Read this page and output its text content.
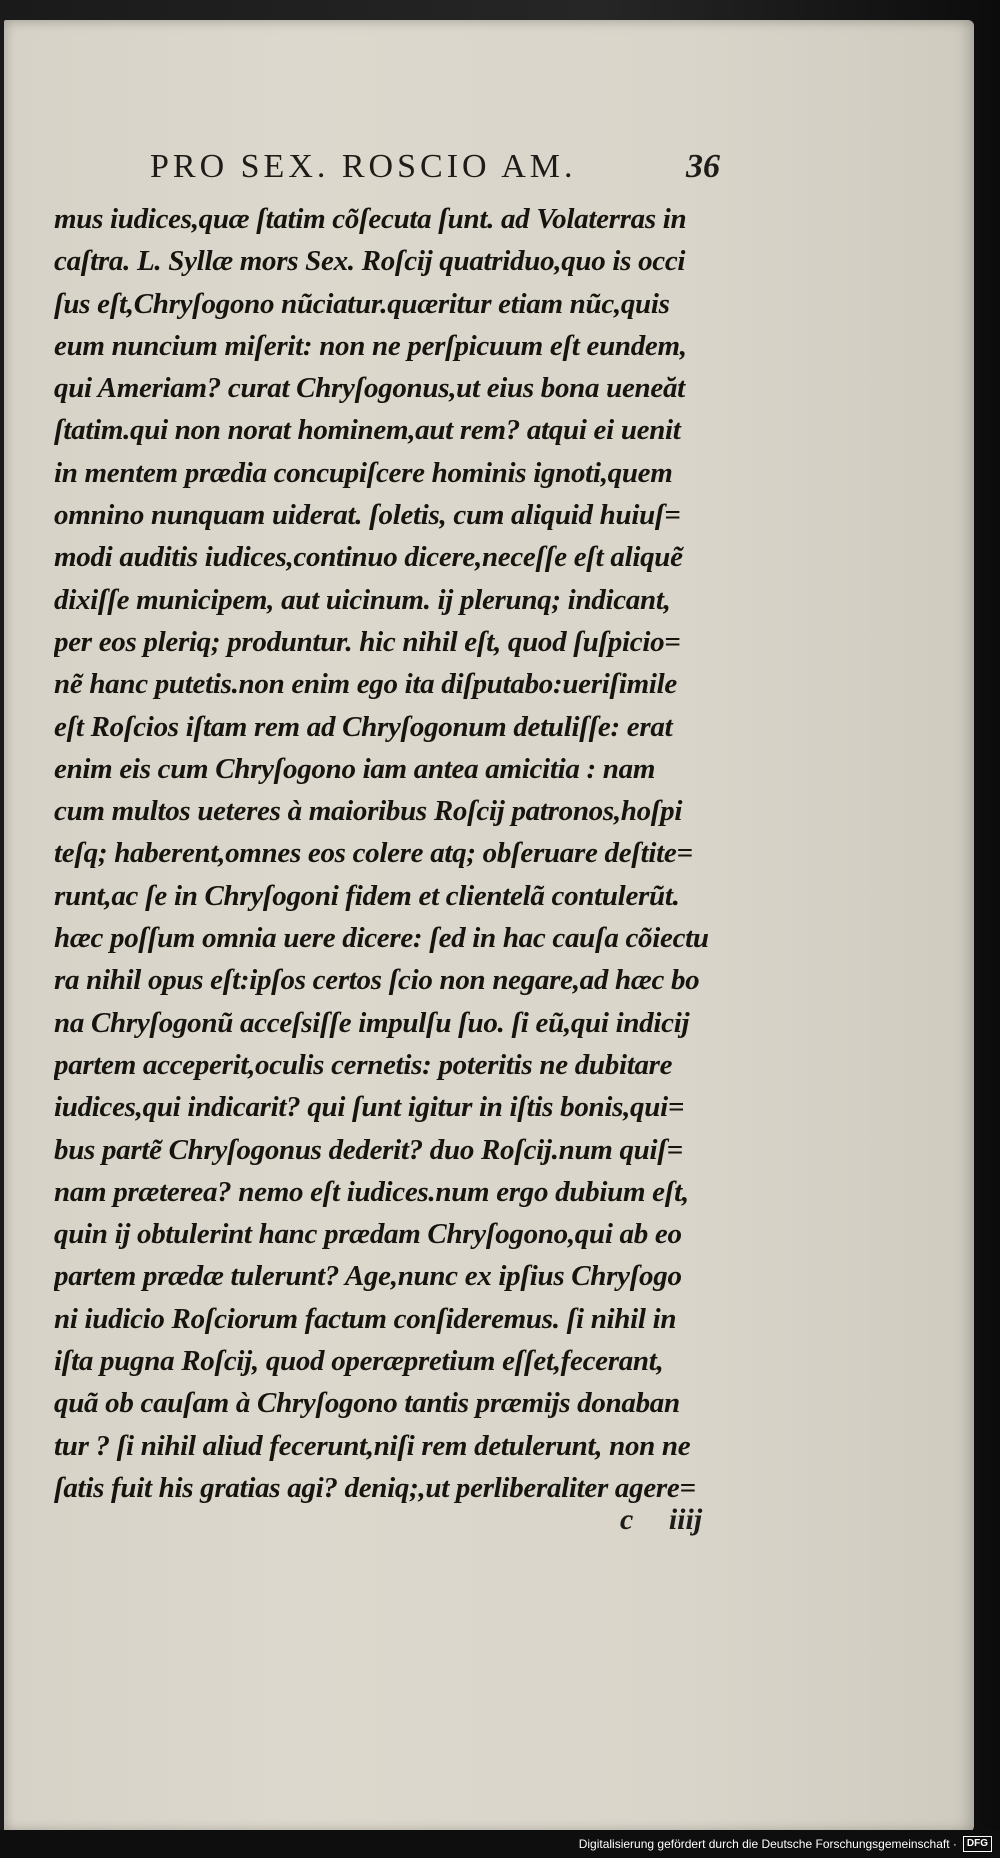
PRO SEX. ROSCIO AM.	36
mus iudices,quæ ſtatim cõſecuta ſunt. ad Volaterras in
caſtra. L. Syllæ mors Sex. Roſcij quatriduo,quo is occi
ſus eſt,Chryſogono nũciatur.quæritur etiam nũc,quis
eum nuncium miſerit: non ne perſpicuum eſt eundem,
qui Ameriam? curat Chryſogonus,ut eius bona ueneăt
ſtatim.qui non norat hominem,aut rem? atqui ei uenit
in mentem prædia concupiſcere hominis ignoti,quem
omnino nunquam uiderat. ſoletis, cum aliquid huiuſ=
modi auditis iudices,continuo dicere,neceſſe eſt aliquẽ
dixiſſe municipem, aut uicinum. ij plerunq; indicant,
per eos pleriq; produntur. hic nihil eſt, quod ſuſpicio=
nẽ hanc putetis.non enim ego ita diſputabo:ueriſimile
eſt Roſcios iſtam rem ad Chryſogonum detuliſſe: erat
enim eis cum Chryſogono iam antea amicitia : nam
cum multos ueteres à maioribus Roſcij patronos,hoſpi
teſq; haberent,omnes eos colere atq; obſeruare deſtite=
runt,ac ſe in Chryſogoni fidem et clientelã contulerũt.
hæc poſſum omnia uere dicere: ſed in hac cauſa cõiectu
ra nihil opus eſt:ipſos certos ſcio non negare,ad hæc bo
na Chryſogonũ acceſsiſſe impulſu ſuo. ſi eũ,qui indicij
partem acceperit,oculis cernetis: poteritis ne dubitare
iudices,qui indicarit? qui ſunt igitur in iſtis bonis,qui=
bus partẽ Chryſogonus dederit? duo Roſcij.num quiſ=
nam præterea? nemo eſt iudices.num ergo dubium eſt,
quin ij obtulerint hanc prædam Chryſogono,qui ab eo
partem prædæ tulerunt? Age,nunc ex ipſius Chryſogo
ni iudicio Roſciorum factum conſideremus. ſi nihil in
iſta pugna Roſcij, quod operæpretium eſſet,fecerant,
quã ob cauſam à Chryſogono tantis præmijs donaban
tur ? ſi nihil aliud fecerunt,niſi rem detulerunt, non ne
ſatis fuit his gratias agi? deniq;,ut perliberaliter agere=
c iiij
Digitalisierung gefördert durch die Deutsche Forschungsgemeinschaft ·	DFG
